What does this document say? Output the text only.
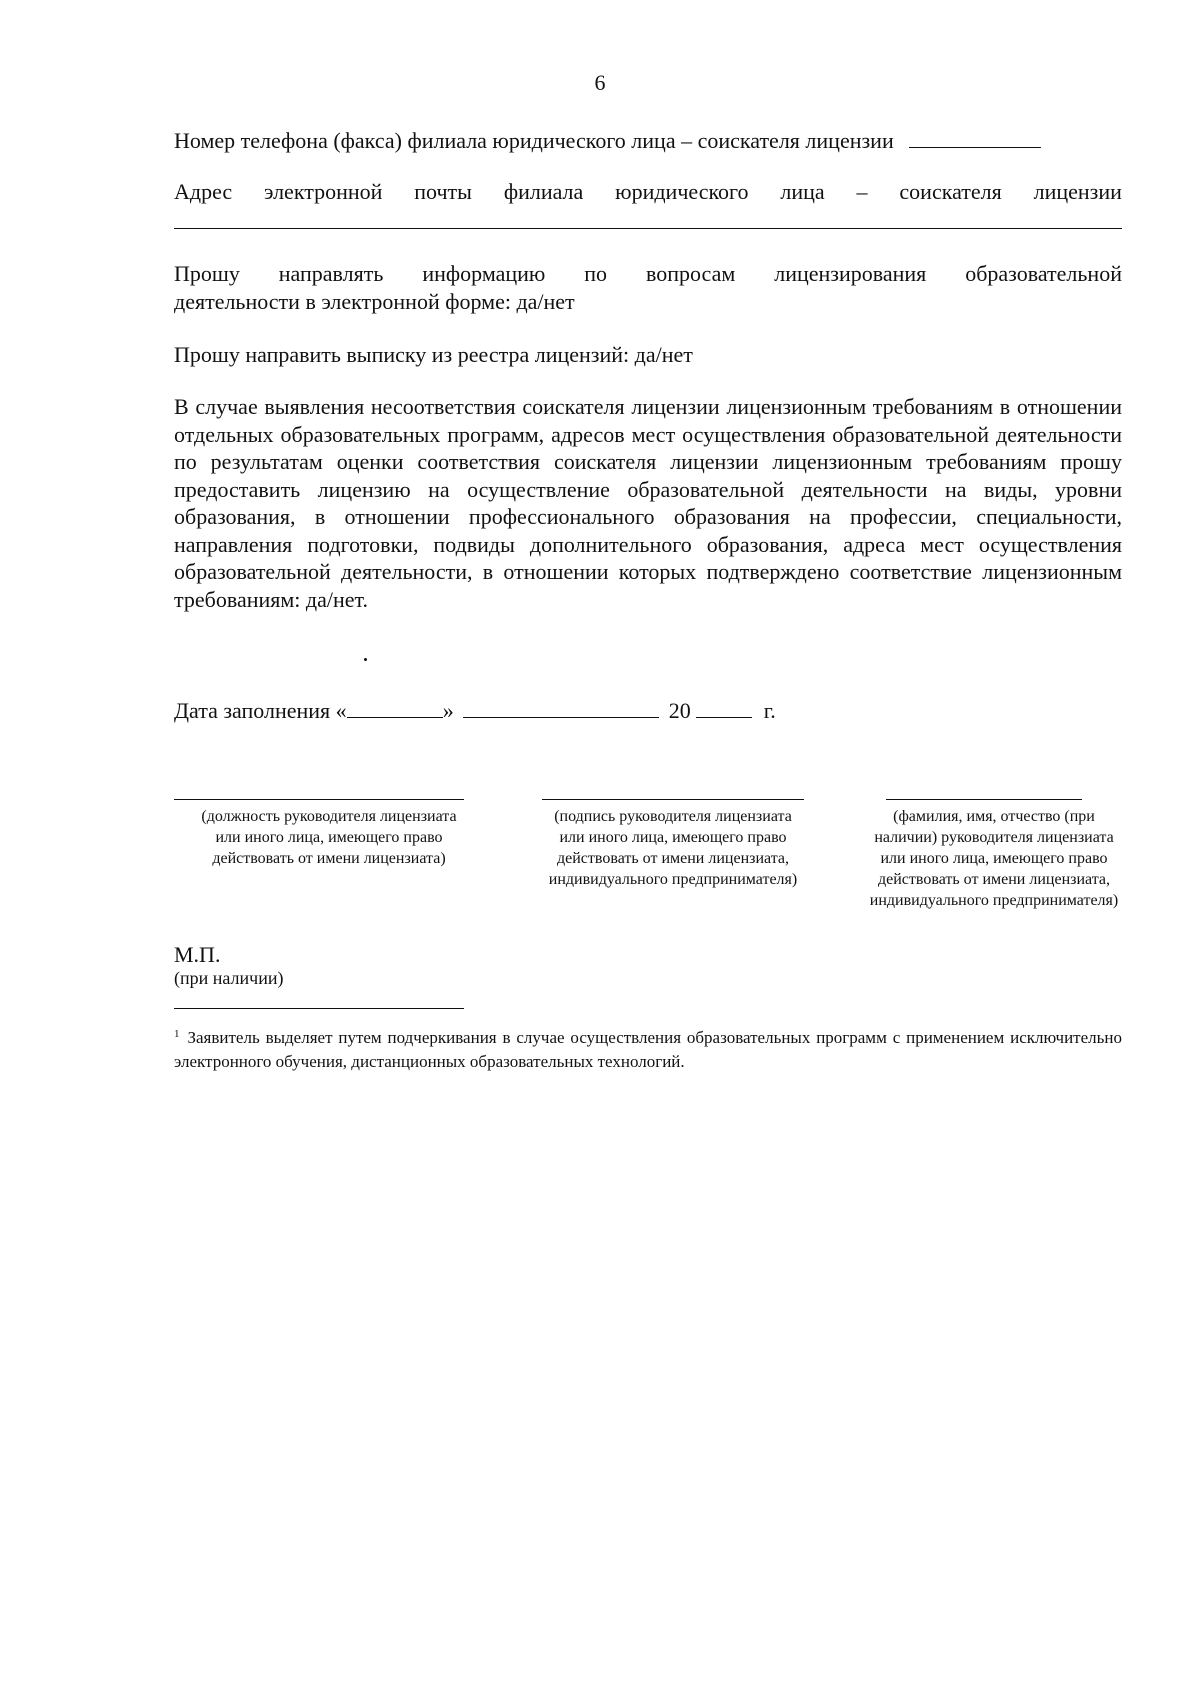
6
Номер телефона (факса) филиала юридического лица – соискателя лицензии
Адрес электронной почты филиала юридического лица – соискателя лицензии
Прошу направлять информацию по вопросам лицензирования образовательной
деятельности в электронной форме: да/нет
Прошу направить выписку из реестра лицензий: да/нет
В случае выявления несоответствия соискателя лицензии лицензионным требованиям в отношении отдельных образовательных программ, адресов мест осуществления образовательной деятельности по результатам оценки соответствия соискателя лицензии лицензионным требованиям прошу предоставить лицензию на осуществление образовательной деятельности на виды, уровни образования, в отношении профессионального образования на профессии, специальности, направления подготовки, подвиды дополнительного образования, адреса мест осуществления образовательной деятельности, в отношении которых подтверждено соответствие лицензионным требованиям: да/нет.
Дата заполнения «	»	20	г.
(должность руководителя лицензиата
или иного лица, имеющего право
действовать от имени лицензиата)
(подпись руководителя лицензиата
или иного лица, имеющего право
действовать от имени лицензиата,
индивидуального предпринимателя)
(фамилия, имя, отчество (при
наличии) руководителя лицензиата
или иного лица, имеющего право
действовать от имени лицензиата,
индивидуального предпринимателя)
М.П.
(при наличии)
$^1$ Заявитель выделяет путем подчеркивания в случае осуществления образовательных программ с применением исключительно электронного обучения, дистанционных образовательных технологий.
